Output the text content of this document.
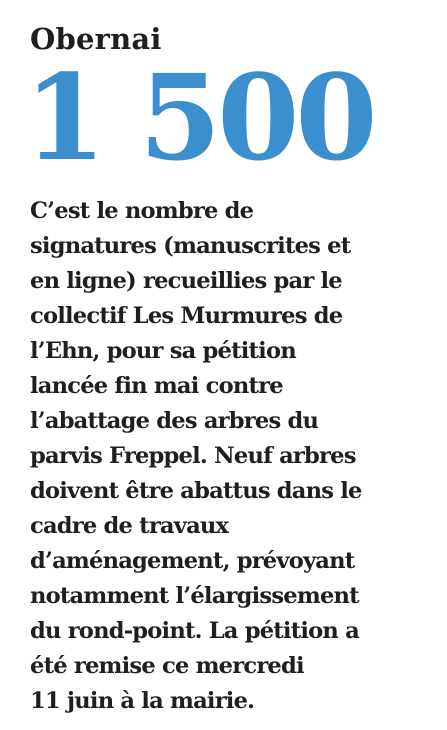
Obernai
1 500

C’est le nombre de
signatures (manuscrites et
en ligne) recueillies par le
collectif Les Murmures de
l’Ehn, pour sa pétition
lancée fin mai contre
l’abattage des arbres du
parvis Freppel. Neuf arbres
doivent être abattus dans le
cadre de travaux
d’aménagement, prévoyant
notamment l’élargissement
du rond-point. La pétition a
été remise ce mercredi
11 juin à la mairie.
